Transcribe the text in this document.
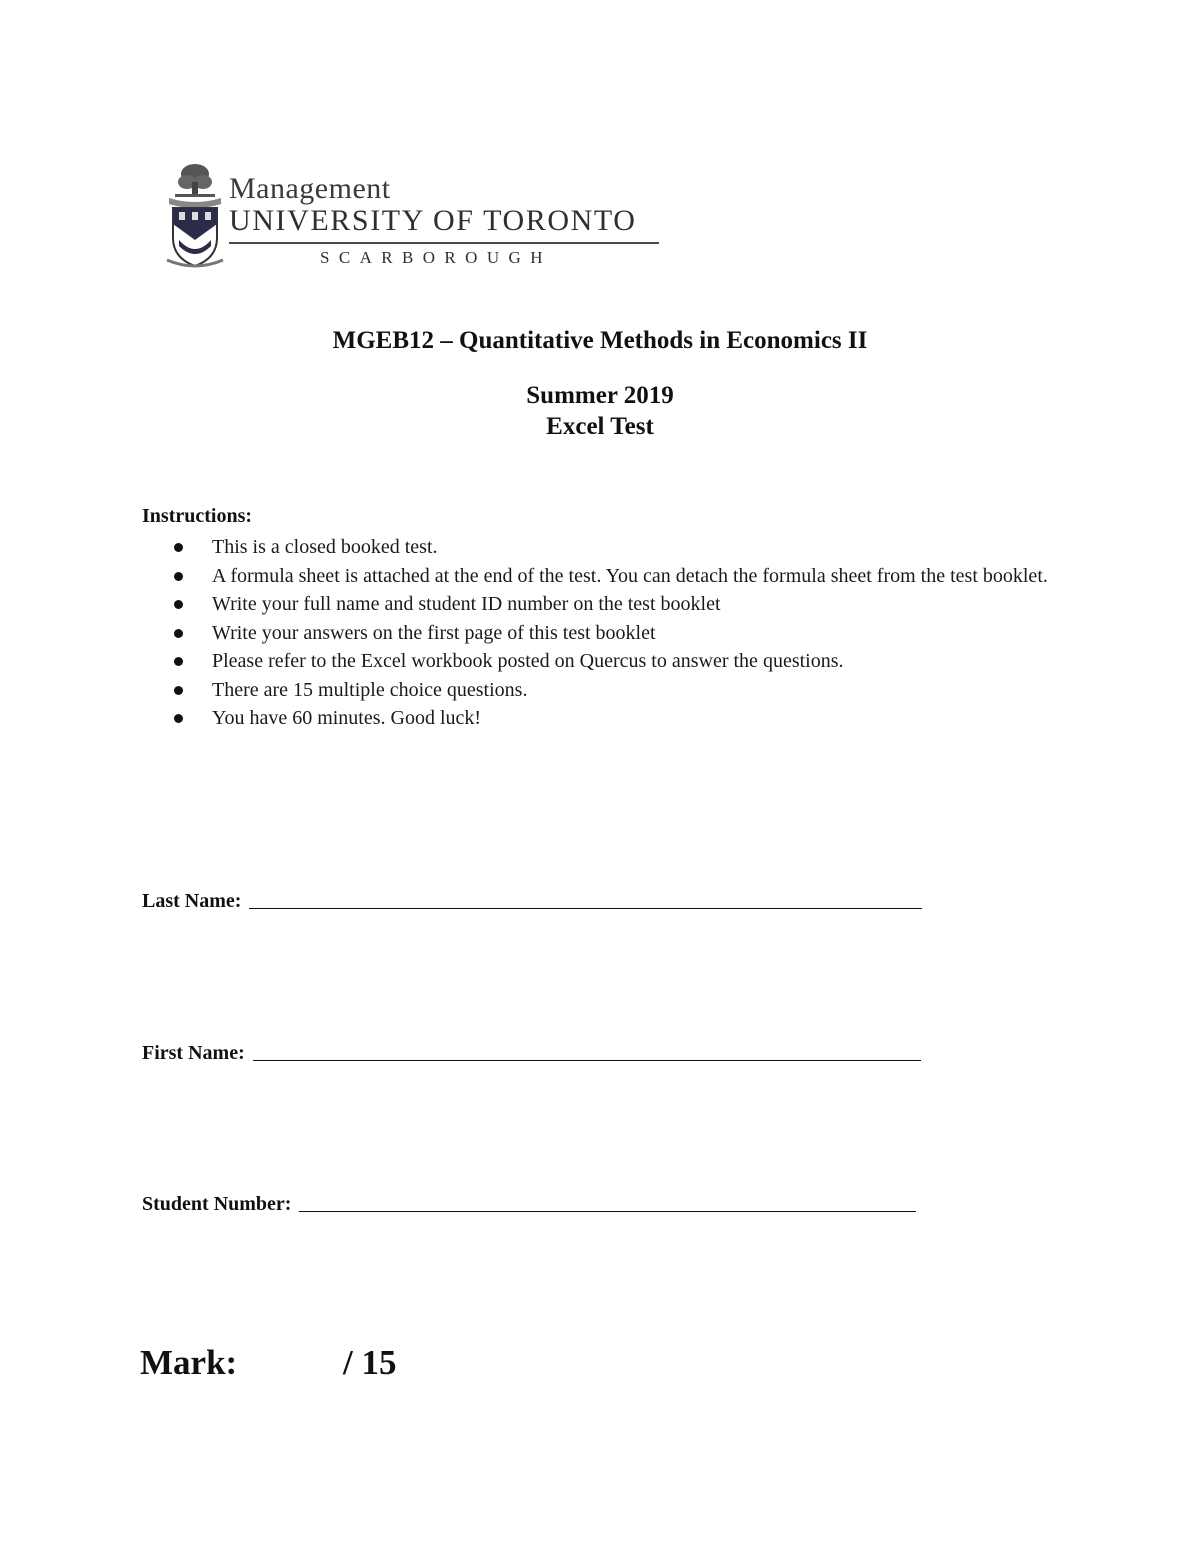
Management
UNIVERSITY OF TORONTO
SCARBOROUGH
MGEB12 – Quantitative Methods in Economics II
Summer 2019
Excel Test
Instructions:
This is a closed booked test.
A formula sheet is attached at the end of the test. You can detach the formula sheet from the test booklet.
Write your full name and student ID number on the test booklet
Write your answers on the first page of this test booklet
Please refer to the Excel workbook posted on Quercus to answer the questions.
There are 15 multiple choice questions.
You have 60 minutes. Good luck!
Last Name:
First Name:
Student Number:
Mark:	/ 15
